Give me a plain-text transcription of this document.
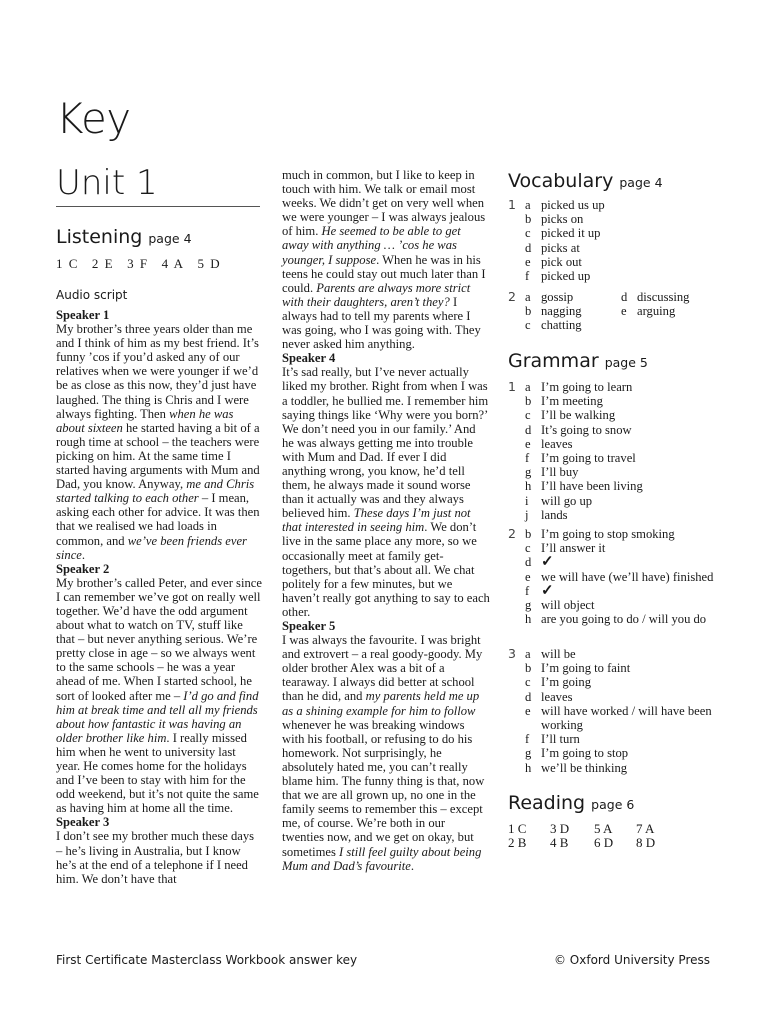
Key
Unit 1
Listening page 4
1 C 2 E 3 F 4 A 5 D
Audio script

Speaker 1

My brother’s three years older than me and I think of him as my best friend. It’s funny ’cos if you’d asked any of our relatives when we were younger if we’d be as close as this now, they’d just have laughed. The thing is Chris and I were always fighting. Then when he was about sixteen he started having a bit of a rough time at school – the teachers were picking on him. At the same time I started having arguments with Mum and Dad, you know. Anyway, me and Chris started talking to each other – I mean, asking each other for advice. It was then that we realised we had loads in common, and we’ve been friends ever since.

Speaker 2

My brother’s called Peter, and ever since I can remember we’ve got on really well together. We’d have the odd argument about what to watch on TV, stuff like that – but never anything serious. We’re pretty close in age – so we always went to the same schools – he was a year ahead of me. When I started school, he sort of looked after me – I’d go and find him at break time and tell all my friends about how fantastic it was having an older brother like him. I really missed him when he went to university last year. He comes home for the holidays and I’ve been to stay with him for the odd weekend, but it’s not quite the same as having him at home all the time.

Speaker 3

I don’t see my brother much these days – he’s living in Australia, but I know he’s at the end of a telephone if I need him. We don’t have that

much in common, but I like to keep in touch with him. We talk or email most weeks. We didn’t get on very well when we were younger – I was always jealous of him. He seemed to be able to get away with anything … ’cos he was younger, I suppose. When he was in his teens he could stay out much later than I could. Parents are always more strict with their daughters, aren’t they? I always had to tell my parents where I was going, who I was going with. They never asked him anything.

Speaker 4

It’s sad really, but I’ve never actually liked my brother. Right from when I was a toddler, he bullied me. I remember him saying things like ‘Why were you born?’ We don’t need you in our family.’ And he was always getting me into trouble with Mum and Dad. If ever I did anything wrong, you know, he’d tell them, he always made it sound worse than it actually was and they always believed him. These days I’m just not that interested in seeing him. We don’t live in the same place any more, so we occasionally meet at family get-togethers, but that’s about all. We chat politely for a few minutes, but we haven’t really got anything to say to each other.

Speaker 5

I was always the favourite. I was bright and extrovert – a real goody-goody. My older brother Alex was a bit of a tearaway. I always did better at school than he did, and my parents held me up as a shining example for him to follow whenever he was breaking windows with his football, or refusing to do his homework. Not surprisingly, he absolutely hated me, you can’t really blame him. The funny thing is that, now that we are all grown up, no one in the family seems to remember this – except me, of course. We’re both in our twenties now, and we get on okay, but sometimes I still feel guilty about being Mum and Dad’s favourite.

Vocabulary page 4
1 a picked us up
b picks on
c picked it up
d picks at
e pick out
f picked up
2 a gossip	d discussing
b nagging	e arguing
c chatting
Grammar page 5
1 a I’m going to learn
b I’m meeting
c I’ll be walking
d It’s going to snow
e leaves
f I’m going to travel
g I’ll buy
h I’ll have been living
i will go up
j lands
2 b I’m going to stop smoking
c I’ll answer it
d ✓
e we will have (we’ll have) finished
f ✓
g will object
h are you going to do / will you do
3 a will be
b I’m going to faint
c I’m going
d leaves
e will have worked / will have been working
f I’ll turn
g I’m going to stop
h we’ll be thinking
Reading page 6
1 C	3 D	5 A	7 A
2 B	4 B	6 D	8 D
First Certificate Masterclass Workbook answer key	© Oxford University Press
